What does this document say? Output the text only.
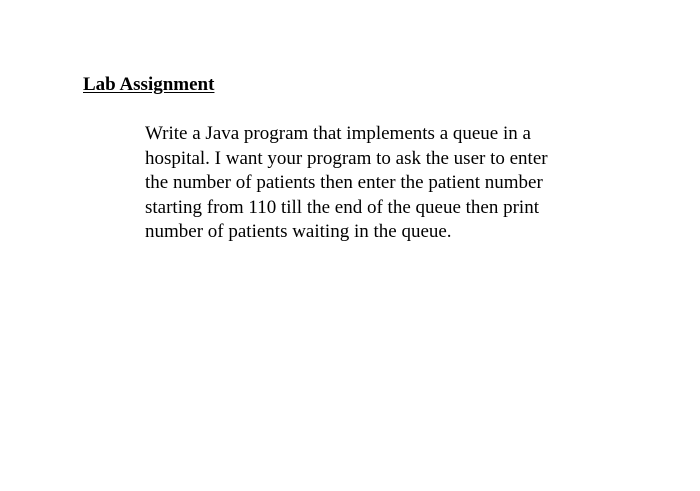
Lab Assignment
Write a Java program that implements a queue in a
hospital. I want your program to ask the user to enter
the number of patients then enter the patient number
starting from 110 till the end of the queue then print
number of patients waiting in the queue.
